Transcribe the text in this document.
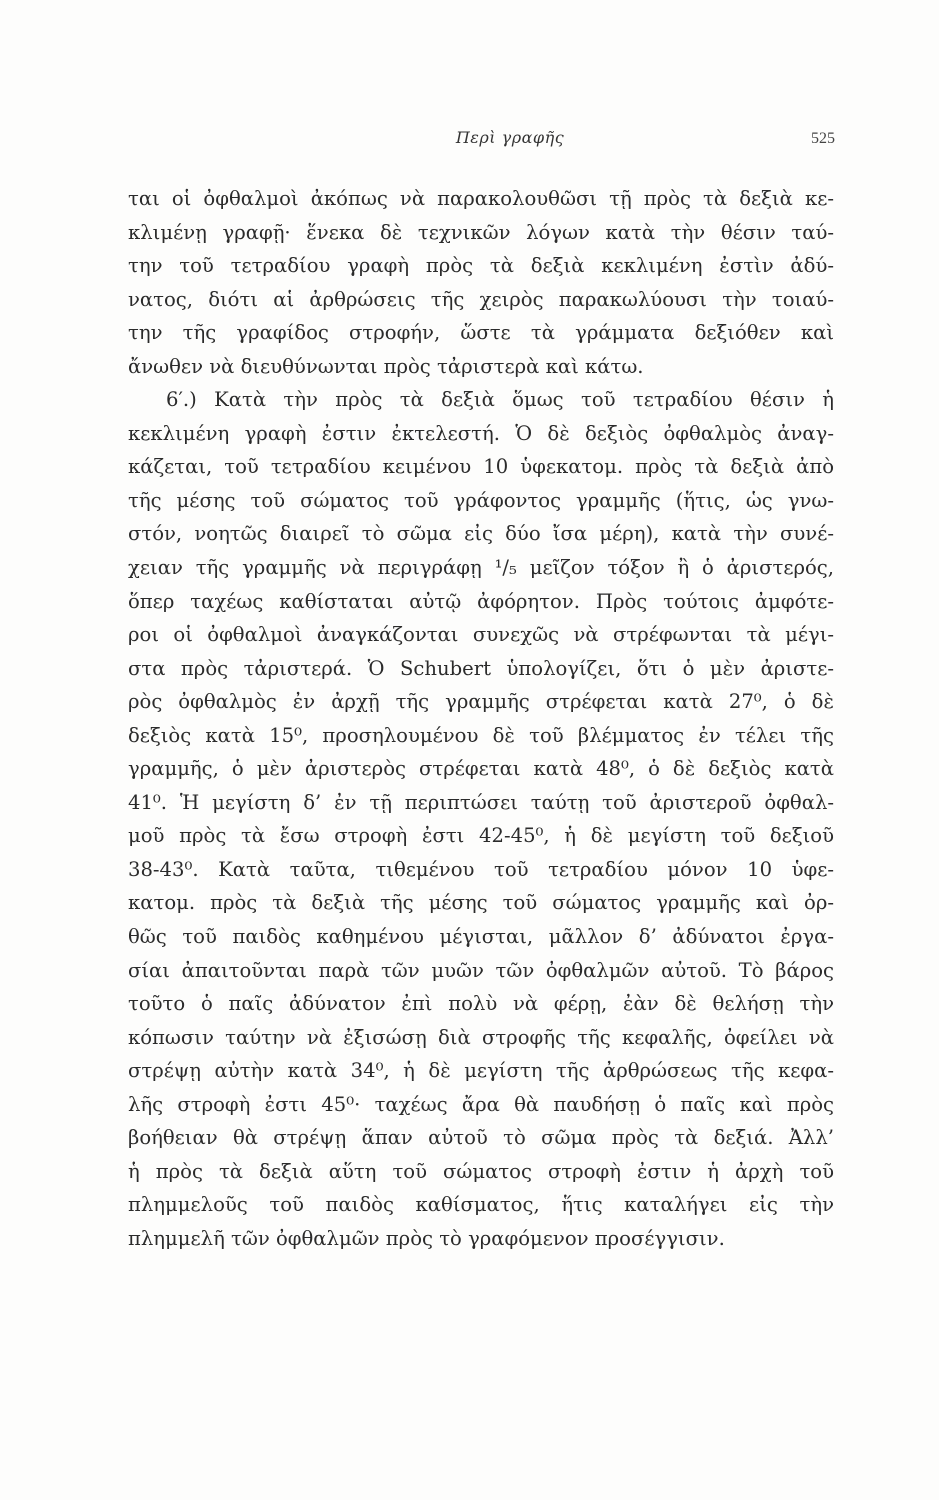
Περὶ γραφῆς	525
ται οἱ ὀφθαλμοὶ ἀκόπως νὰ παρακολουθῶσι τῇ πρὸς τὰ δεξιὰ κε-
κλιμένῃ γραφῇ· ἕνεκα δὲ τεχνικῶν λόγων κατὰ τὴν θέσιν ταύ-
την τοῦ τετραδίου γραφὴ πρὸς τὰ δεξιὰ κεκλιμένη ἐστὶν ἀδύ-
νατος, διότι αἱ ἀρθρώσεις τῆς χειρὸς παρακωλύουσι τὴν τοιαύ-
την τῆς γραφίδος στροφήν, ὥστε τὰ γράμματα δεξιόθεν καὶ
ἄνωθεν νὰ διευθύνωνται πρὸς τἀριστερὰ καὶ κάτω.
6′.) Κατὰ τὴν πρὸς τὰ δεξιὰ ὅμως τοῦ τετραδίου θέσιν ἡ
κεκλιμένη γραφὴ ἐστιν ἐκτελεστή. Ὁ δὲ δεξιὸς ὀφθαλμὸς ἀναγ-
κάζεται, τοῦ τετραδίου κειμένου 10 ὑφεκατομ. πρὸς τὰ δεξιὰ ἀπὸ
τῆς μέσης τοῦ σώματος τοῦ γράφοντος γραμμῆς (ἥτις, ὡς γνω-
στόν, νοητῶς διαιρεῖ τὸ σῶμα εἰς δύο ἴσα μέρη), κατὰ τὴν συνέ-
χειαν τῆς γραμμῆς νὰ περιγράφῃ ¹/₅ μεῖζον τόξον ἢ ὁ ἀριστερός,
ὅπερ ταχέως καθίσταται αὐτῷ ἀφόρητον. Πρὸς τούτοις ἀμφότε-
ροι οἱ ὀφθαλμοὶ ἀναγκάζονται συνεχῶς νὰ στρέφωνται τὰ μέγι-
στα πρὸς τἀριστερά. Ὁ Schubert ὑπολογίζει, ὅτι ὁ μὲν ἀριστε-
ρὸς ὀφθαλμὸς ἐν ἀρχῇ τῆς γραμμῆς στρέφεται κατὰ 27⁰, ὁ δὲ
δεξιὸς κατὰ 15⁰, προσηλουμένου δὲ τοῦ βλέμματος ἐν τέλει τῆς
γραμμῆς, ὁ μὲν ἀριστερὸς στρέφεται κατὰ 48⁰, ὁ δὲ δεξιὸς κατὰ
41⁰. Ἡ μεγίστη δ’ ἐν τῇ περιπτώσει ταύτῃ τοῦ ἀριστεροῦ ὀφθαλ-
μοῦ πρὸς τὰ ἔσω στροφὴ ἐστι 42-45⁰, ἡ δὲ μεγίστη τοῦ δεξιοῦ
38-43⁰. Κατὰ ταῦτα, τιθεμένου τοῦ τετραδίου μόνον 10 ὑφε-
κατομ. πρὸς τὰ δεξιὰ τῆς μέσης τοῦ σώματος γραμμῆς καὶ ὀρ-
θῶς τοῦ παιδὸς καθημένου μέγισται, μᾶλλον δ’ ἀδύνατοι ἐργα-
σίαι ἀπαιτοῦνται παρὰ τῶν μυῶν τῶν ὀφθαλμῶν αὐτοῦ. Τὸ βάρος
τοῦτο ὁ παῖς ἀδύνατον ἐπὶ πολὺ νὰ φέρῃ, ἐὰν δὲ θελήσῃ τὴν
κόπωσιν ταύτην νὰ ἐξισώσῃ διὰ στροφῆς τῆς κεφαλῆς, ὀφείλει νὰ
στρέψῃ αὐτὴν κατὰ 34⁰, ἡ δὲ μεγίστη τῆς ἀρθρώσεως τῆς κεφα-
λῆς στροφὴ ἐστι 45⁰· ταχέως ἄρα θὰ παυδήσῃ ὁ παῖς καὶ πρὸς
βοήθειαν θὰ στρέψῃ ἅπαν αὐτοῦ τὸ σῶμα πρὸς τὰ δεξιά. Ἀλλ’
ἡ πρὸς τὰ δεξιὰ αὕτη τοῦ σώματος στροφὴ ἐστιν ἡ ἀρχὴ τοῦ
πλημμελοῦς τοῦ παιδὸς καθίσματος, ἥτις καταλήγει εἰς τὴν
πλημμελῆ τῶν ὀφθαλμῶν πρὸς τὸ γραφόμενον προσέγγισιν.
